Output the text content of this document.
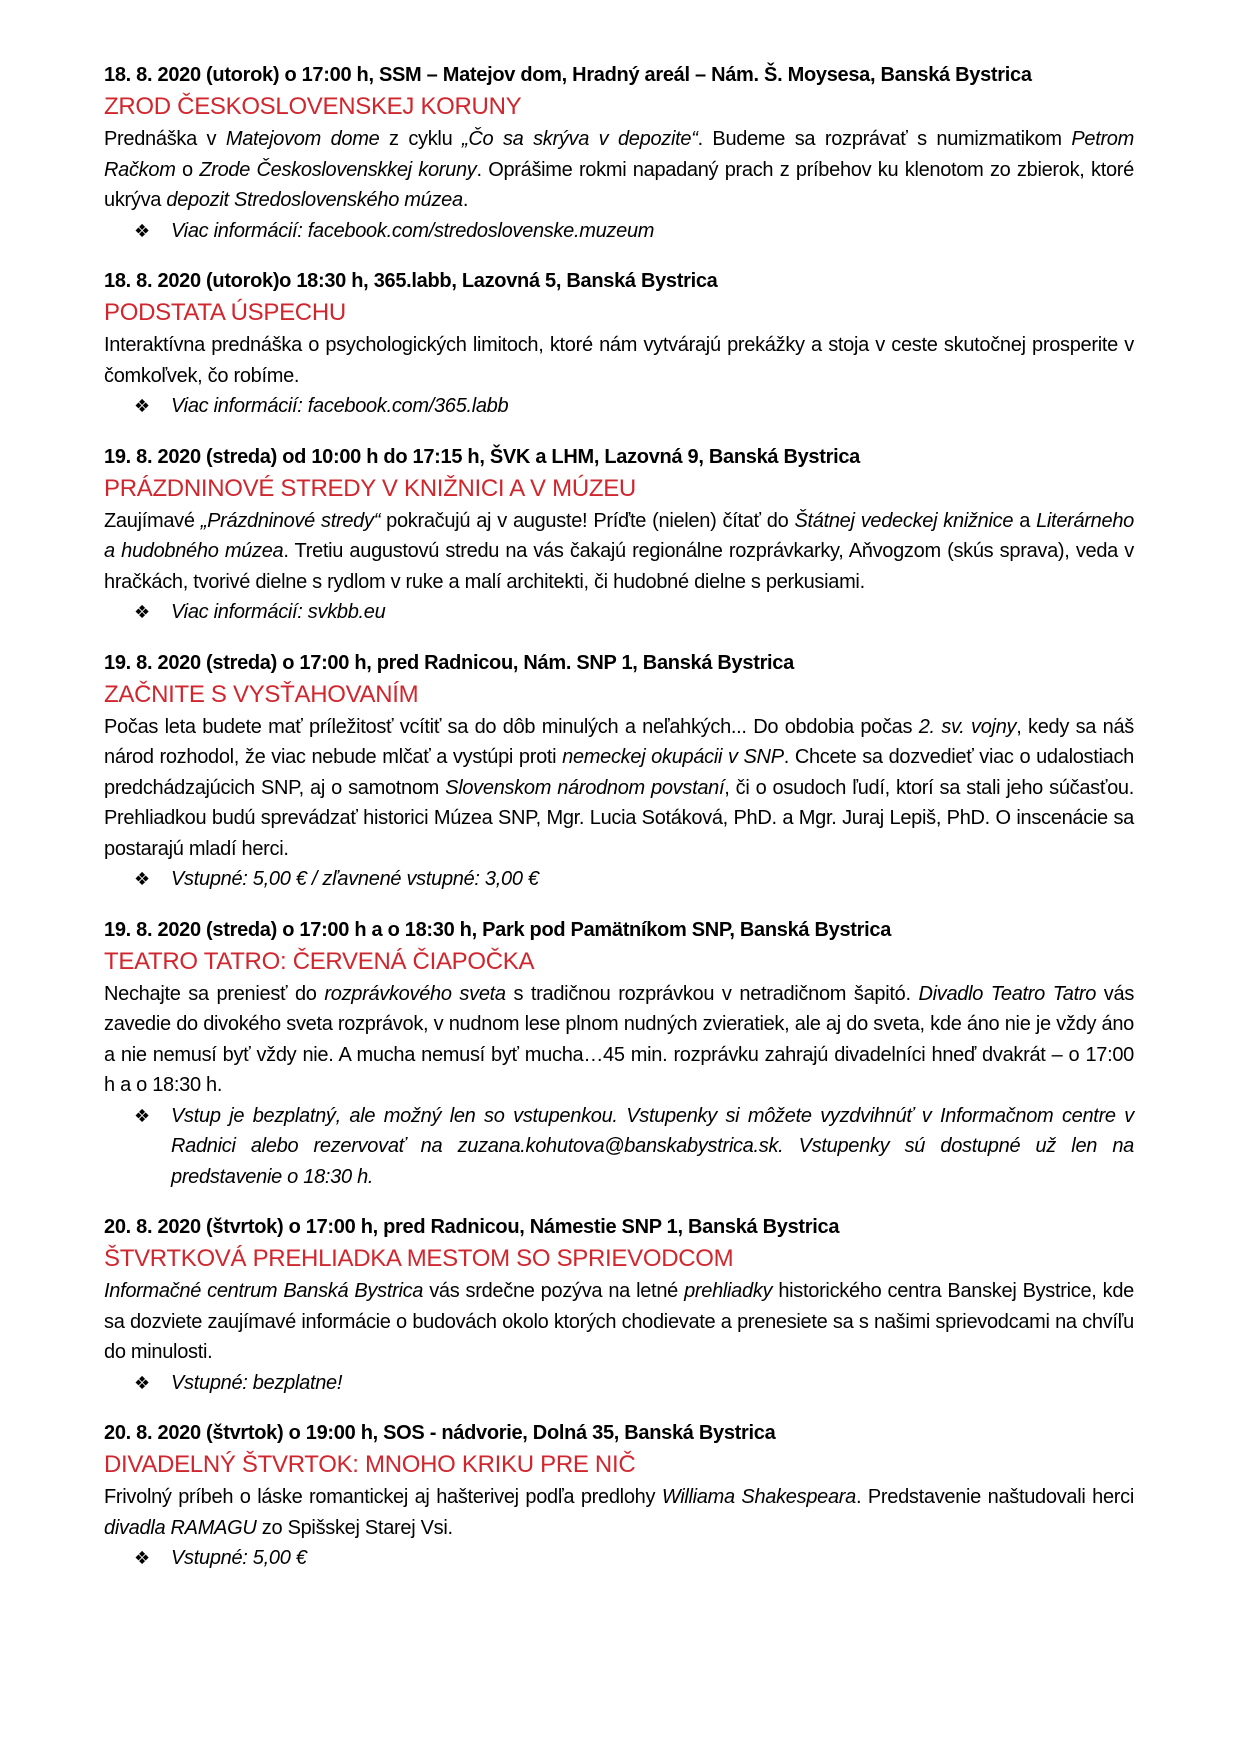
18. 8. 2020 (utorok) o 17:00 h, SSM – Matejov dom, Hradný areál – Nám. Š. Moysesa, Banská Bystrica
ZROD ČESKOSLOVENSKEJ KORUNY
Prednáška v Matejovom dome z cyklu „Čo sa skrýva v depozite“. Budeme sa rozprávať s numizmatikom Petrom Račkom o Zrode Československkej koruny. Oprášime rokmi napadaný prach z príbehov ku klenotom zo zbierok, ktoré ukrýva depozit Stredoslovenského múzea.
❖ Viac informácií: facebook.com/stredoslovenske.muzeum
18. 8. 2020 (utorok)o 18:30 h, 365.labb, Lazovná 5, Banská Bystrica
PODSTATA ÚSPECHU
Interaktívna prednáška o psychologických limitoch, ktoré nám vytvárajú prekážky a stoja v ceste skutočnej prosperite v čomkoľvek, čo robíme.
❖ Viac informácií: facebook.com/365.labb
19. 8. 2020 (streda) od 10:00 h do 17:15 h, ŠVK a LHM, Lazovná 9, Banská Bystrica
PRÁZDNINOVÉ STREDY V KNIŽNICI A V MÚZEU
Zaujímavé „Prázdninové stredy“ pokračujú aj v auguste! Príďte (nielen) čítať do Štátnej vedeckej knižnice a Literárneho a hudobného múzea. Tretiu augustovú stredu na vás čakajú regionálne rozprávkarky, Aňvogzom (skús sprava), veda v hračkách, tvorivé dielne s rydlom v ruke a malí architekti, či hudobné dielne s perkusiami.
❖ Viac informácií: svkbb.eu
19. 8. 2020 (streda) o 17:00 h, pred Radnicou, Nám. SNP 1, Banská Bystrica
ZAČNITE S VYSŤAHOVANÍM
Počas leta budete mať príležitosť vcítiť sa do dôb minulých a neľahkých... Do obdobia počas 2. sv. vojny, kedy sa náš národ rozhodol, že viac nebude mlčať a vystúpi proti nemeckej okupácii v SNP. Chcete sa dozvedieť viac o udalostiach predchádzajúcich SNP, aj o samotnom Slovenskom národnom povstaní, či o osudoch ľudí, ktorí sa stali jeho súčasťou. Prehliadkou budú sprevádzať historici Múzea SNP, Mgr. Lucia Sotáková, PhD. a Mgr. Juraj Lepiš, PhD. O inscenácie sa postarajú mladí herci.
❖ Vstupné: 5,00 € / zľavnené vstupné: 3,00 €
19. 8. 2020 (streda) o 17:00 h a o 18:30 h, Park pod Pamätníkom SNP, Banská Bystrica
TEATRO TATRO: ČERVENÁ ČIAPOČKA
Nechajte sa preniesť do rozprávkového sveta s tradičnou rozprávkou v netradičnom šapitó. Divadlo Teatro Tatro vás zavedie do divokého sveta rozprávok, v nudnom lese plnom nudných zvieratiek, ale aj do sveta, kde áno nie je vždy áno a nie nemusí byť vždy nie. A mucha nemusí byť mucha…45 min. rozprávku zahrajú divadelníci hneď dvakrát – o 17:00 h a o 18:30 h.
❖ Vstup je bezplatný, ale možný len so vstupenkou. Vstupenky si môžete vyzdvihnúť v Informačnom centre v Radnici alebo rezervovať na zuzana.kohutova@banskabystrica.sk. Vstupenky sú dostupné už len na predstavenie o 18:30 h.
20. 8. 2020 (štvrtok) o 17:00 h, pred Radnicou, Námestie SNP 1, Banská Bystrica
ŠTVRTKOVÁ PREHLIADKA MESTOM SO SPRIEVODCOM
Informačné centrum Banská Bystrica vás srdečne pozýva na letné prehliadky historického centra Banskej Bystrice, kde sa dozviete zaujímavé informácie o budovách okolo ktorých chodievate a prenesiete sa s našimi sprievodcami na chvíľu do minulosti.
❖ Vstupné: bezplatne!
20. 8. 2020 (štvrtok) o 19:00 h, SOS - nádvorie, Dolná 35, Banská Bystrica
DIVADELNÝ ŠTVRTOK: MNOHO KRIKU PRE NIČ
Frivolný príbeh o láske romantickej aj hašterivej podľa predlohy Williama Shakespeara. Predstavenie naštudovali herci divadla RAMAGU zo Spišskej Starej Vsi.
❖ Vstupné: 5,00 €
